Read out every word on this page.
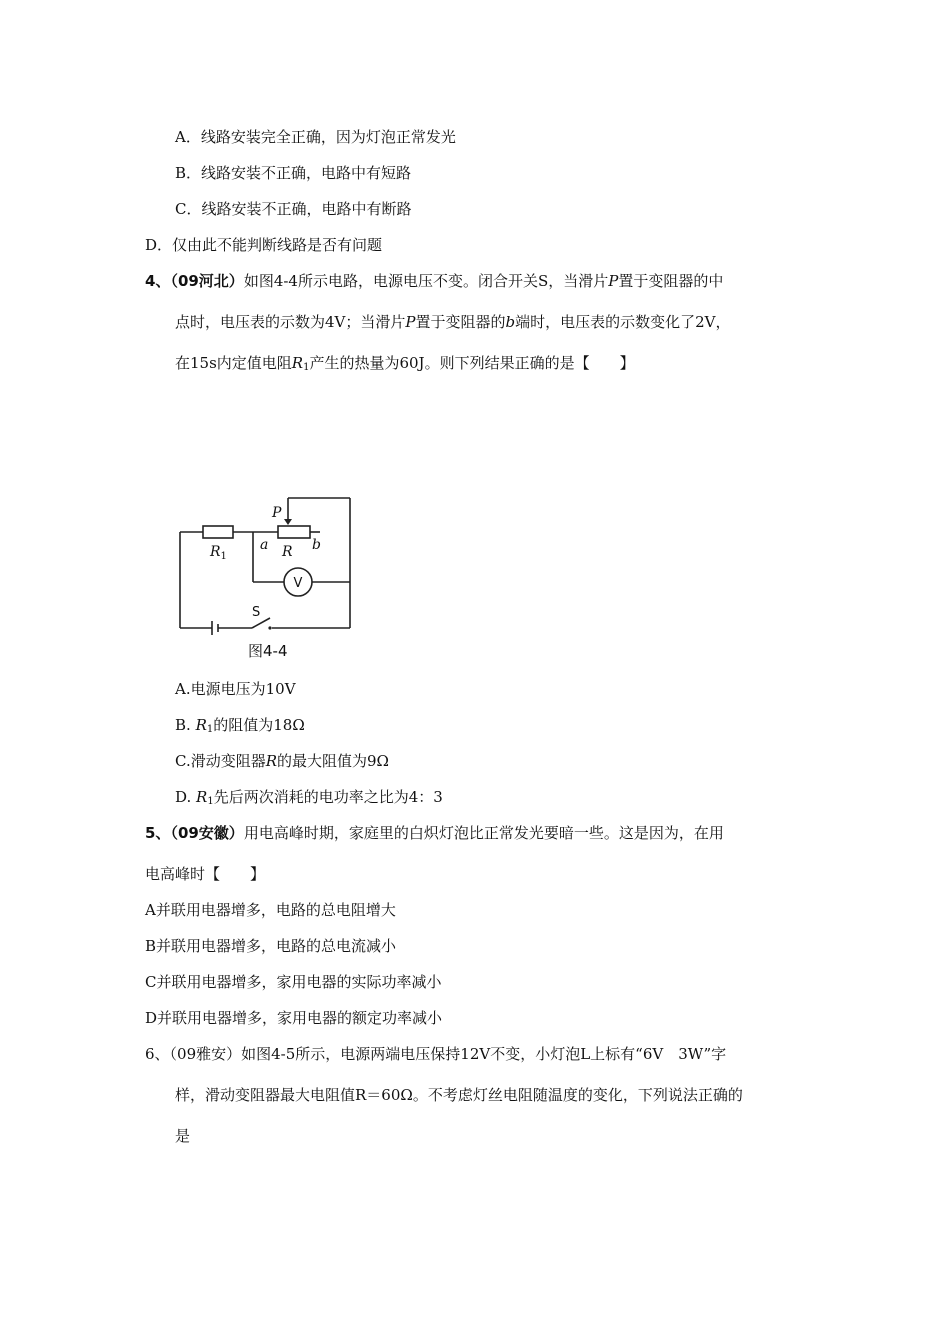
A．线路安装完全正确，因为灯泡正常发光
B．线路安装不正确，电路中有短路
C．线路安装不正确，电路中有断路
D．仅由此不能判断线路是否有问题
4、（09河北）如图4-4所示电路，电源电压不变。闭合开关S，当滑片P置于变阻器的中
点时，电压表的示数为4V；当滑片P置于变阻器的b端时，电压表的示数变化了2V，
在15s内定值电阻$R_1$产生的热量为60J。则下列结果正确的是【　　】
P
$R_1$
a R b
V
S
图4-4
A.电源电压为10V
B. $R_1$的阻值为18Ω
C.滑动变阻器R的最大阻值为9Ω
D. $R_1$先后两次消耗的电功率之比为4：3
5、（09安徽）用电高峰时期，家庭里的白炽灯泡比正常发光要暗一些。这是因为，在用
电高峰时【　　】
A并联用电器增多，电路的总电阻增大
B并联用电器增多，电路的总电流减小
C并联用电器增多，家用电器的实际功率减小
D并联用电器增多，家用电器的额定功率减小
6、（09雅安）如图4-5所示，电源两端电压保持12V不变，小灯泡L上标有“6V　3W”字
样，滑动变阻器最大电阻值R＝60Ω。不考虑灯丝电阻随温度的变化，下列说法正确的
是
